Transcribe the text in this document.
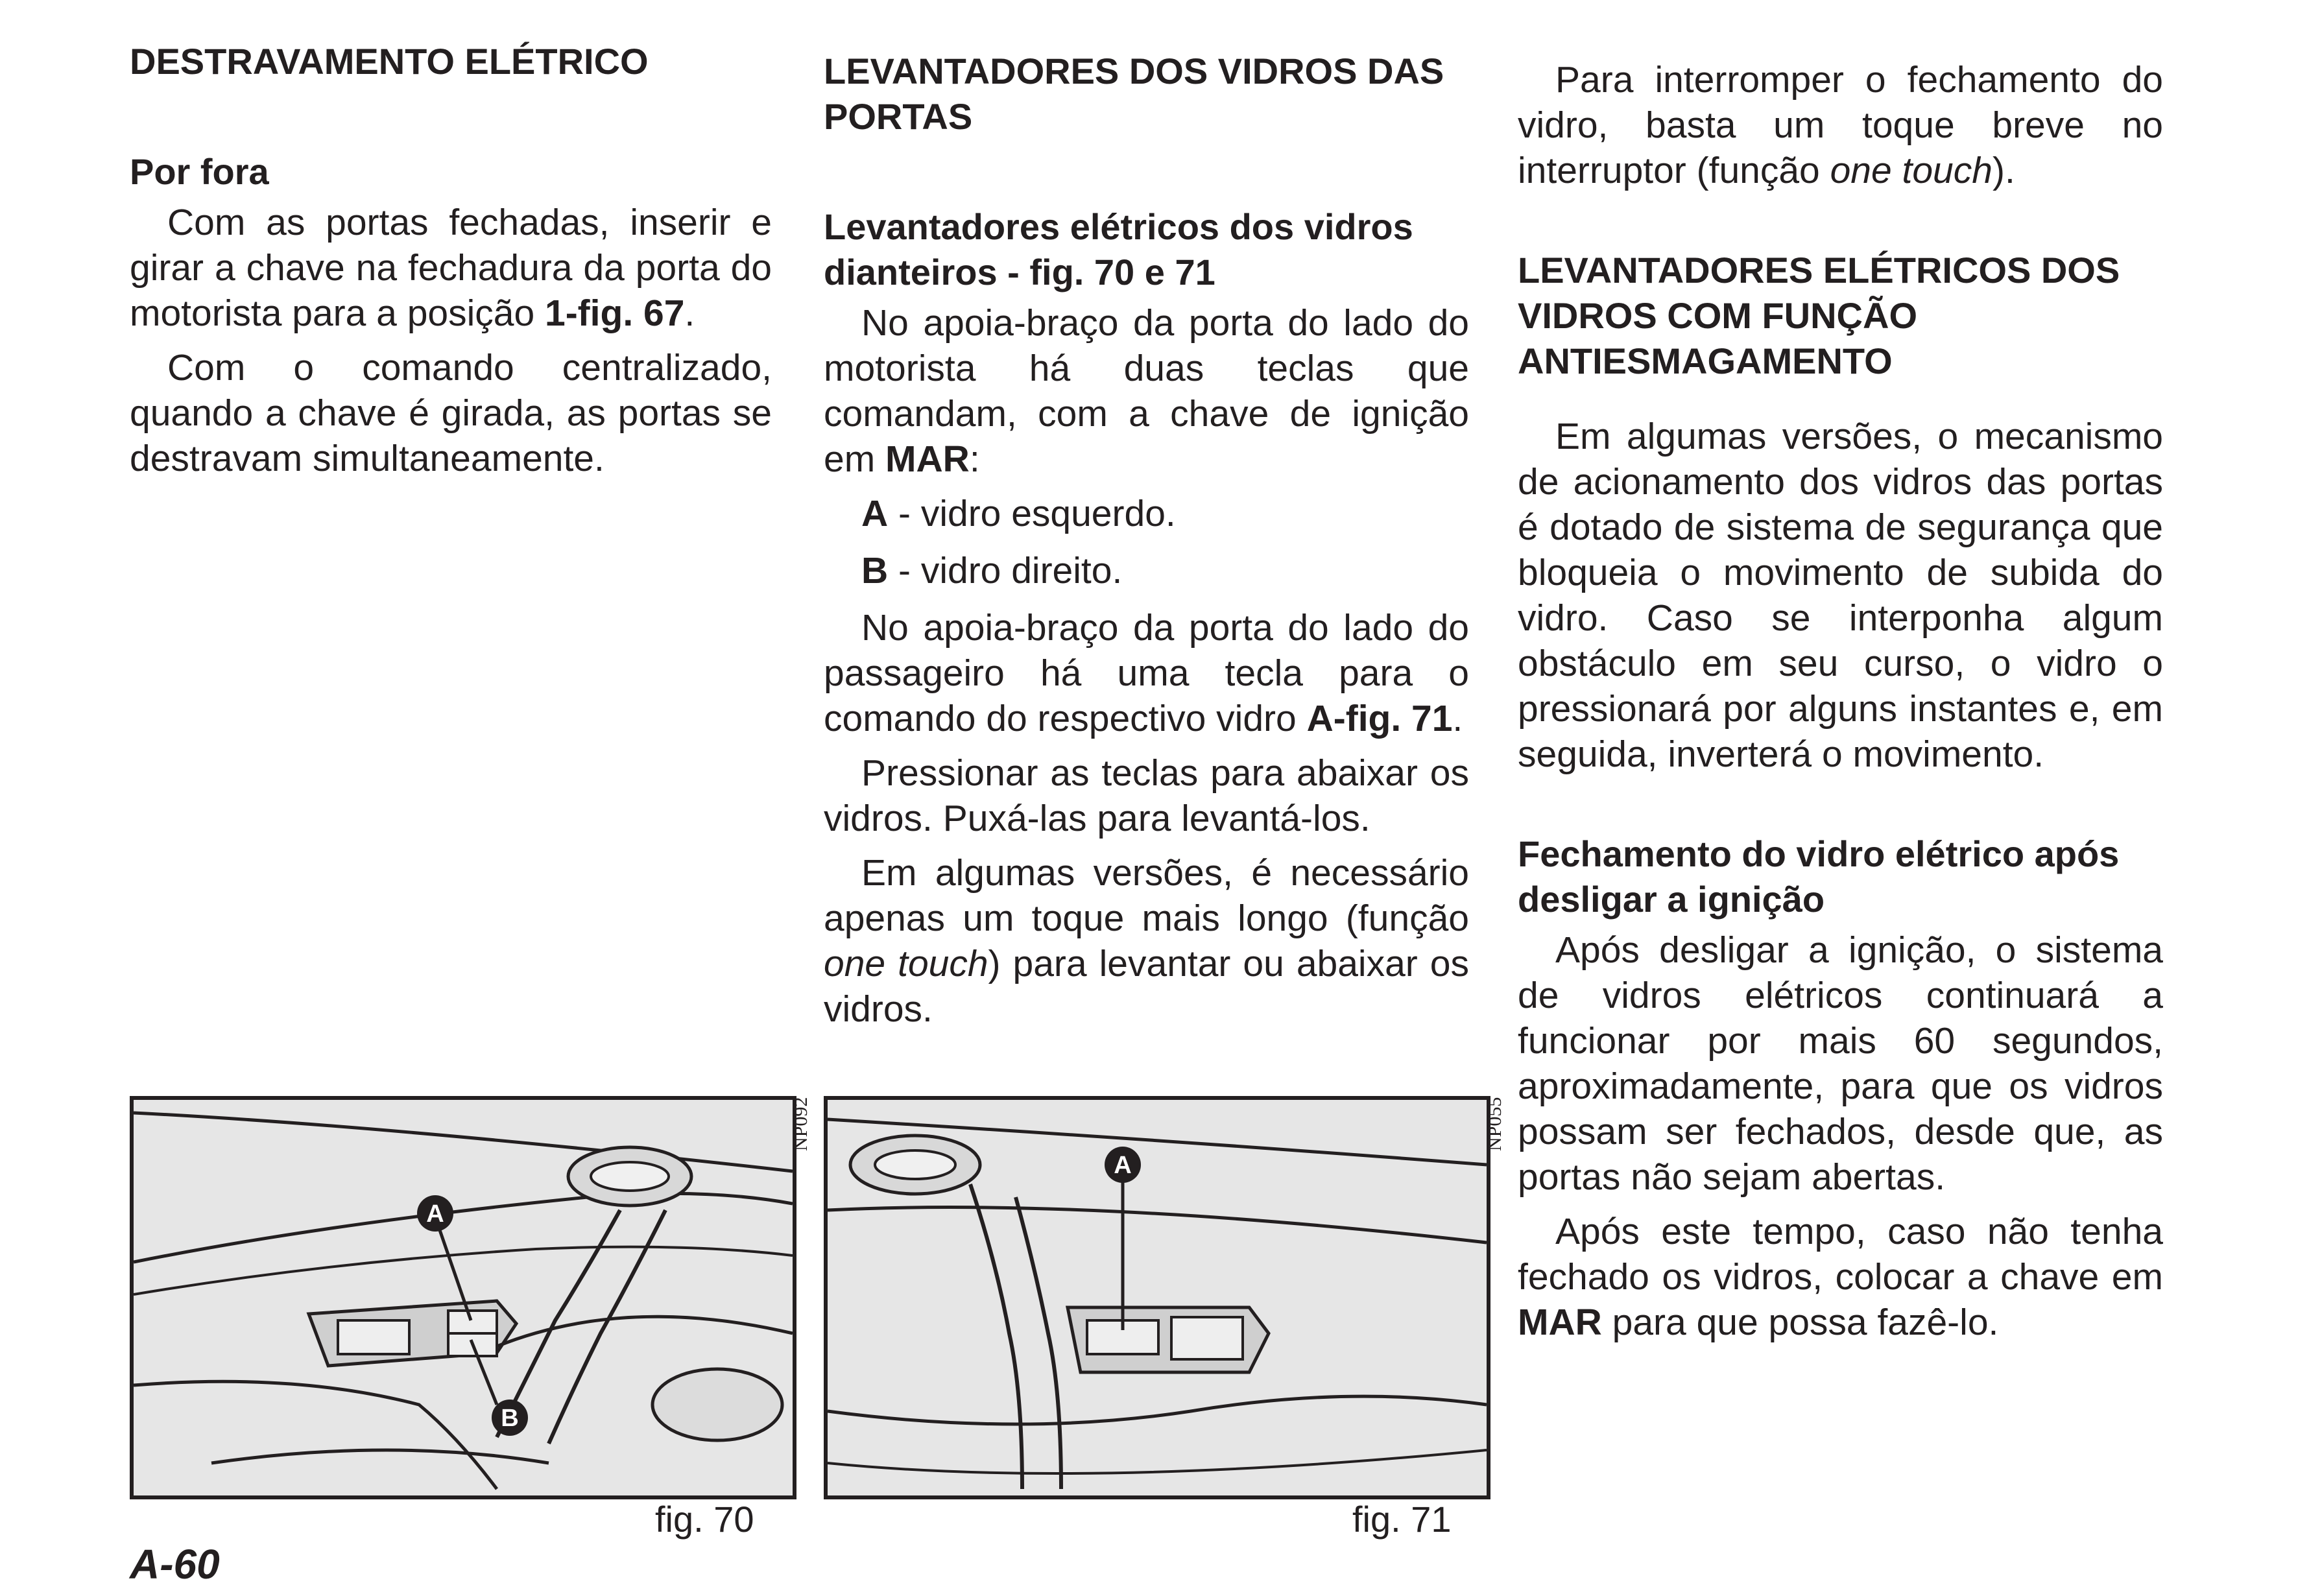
DESTRAVAMENTO ELÉTRICO
Por fora

Com as portas fechadas, inserir e girar a chave na fechadura da porta do motorista para a posição 1-fig. 67.

Com o comando centralizado, quando a chave é girada, as portas se destravam simultaneamente.

LEVANTADORES DOS VIDROS DAS PORTAS
Levantadores elétricos dos vidros dianteiros - fig. 70 e 71

No apoia-braço da porta do lado do motorista há duas teclas que comandam, com a chave de ignição em MAR:

A - vidro esquerdo.

B - vidro direito.

No apoia-braço da porta do lado do passageiro há uma tecla para o comando do respectivo vidro A-fig. 71.

Pressionar as teclas para abaixar os vidros. Puxá-las para levantá-los.

Em algumas versões, é necessário apenas um toque mais longo (função one touch) para levantar ou abaixar os vidros.

Para interromper o fechamento do vidro, basta um toque breve no interruptor (função one touch).

LEVANTADORES ELÉTRICOS DOS VIDROS COM FUNÇÃO ANTIESMAGAMENTO

Em algumas versões, o mecanismo de acionamento dos vidros das portas é dotado de sistema de segurança que bloqueia o movimento de subida do vidro. Caso se interponha algum obstáculo em seu curso, o vidro o pressionará por alguns instantes e, em seguida, inverterá o movimento.

Fechamento do vidro elétrico após desligar a ignição

Após desligar a ignição, o sistema de vidros elétricos continuará a funcionar por mais 60 segundos, aproximadamente, para que os vidros possam ser fechados, desde que, as portas não sejam abertas.

Após este tempo, caso não tenha fechado os vidros, colocar a chave em MAR para que possa fazê-lo.

A
B
NP092
fig. 70
A
NP055
fig. 71
A-60
